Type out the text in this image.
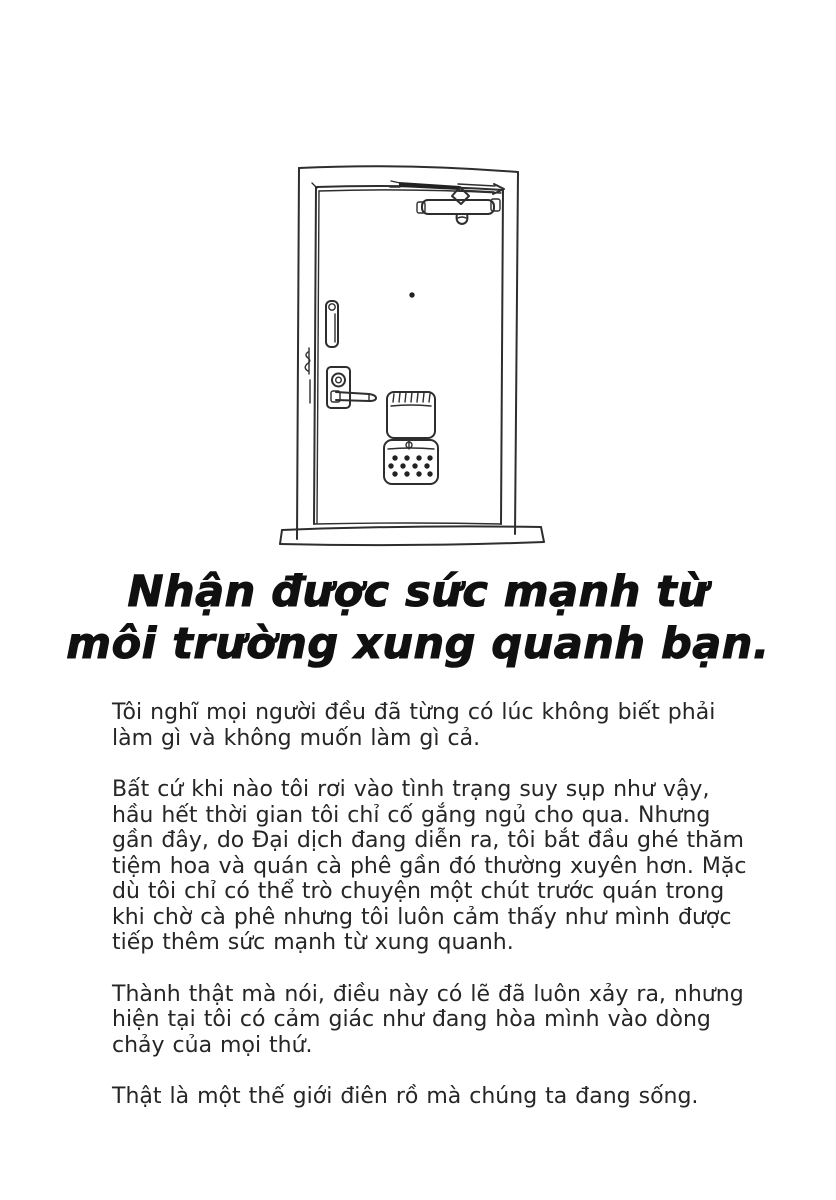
Nhận được sức mạnh từ
môi trường xung quanh bạn.

Tôi nghĩ mọi người đều đã từng có lúc không biết phải làm gì và không muốn làm gì cả.

Bất cứ khi nào tôi rơi vào tình trạng suy sụp như vậy, hầu hết thời gian tôi chỉ cố gắng ngủ cho qua. Nhưng gần đây, do Đại dịch đang diễn ra, tôi bắt đầu ghé thăm tiệm hoa và quán cà phê gần đó thường xuyên hơn. Mặc dù tôi chỉ có thể trò chuyện một chút trước quán trong khi chờ cà phê nhưng tôi luôn cảm thấy như mình được tiếp thêm sức mạnh từ xung quanh.

Thành thật mà nói, điều này có lẽ đã luôn xảy ra, nhưng hiện tại tôi có cảm giác như đang hòa mình vào dòng chảy của mọi thứ.

Thật là một thế giới điên rồ mà chúng ta đang sống.
